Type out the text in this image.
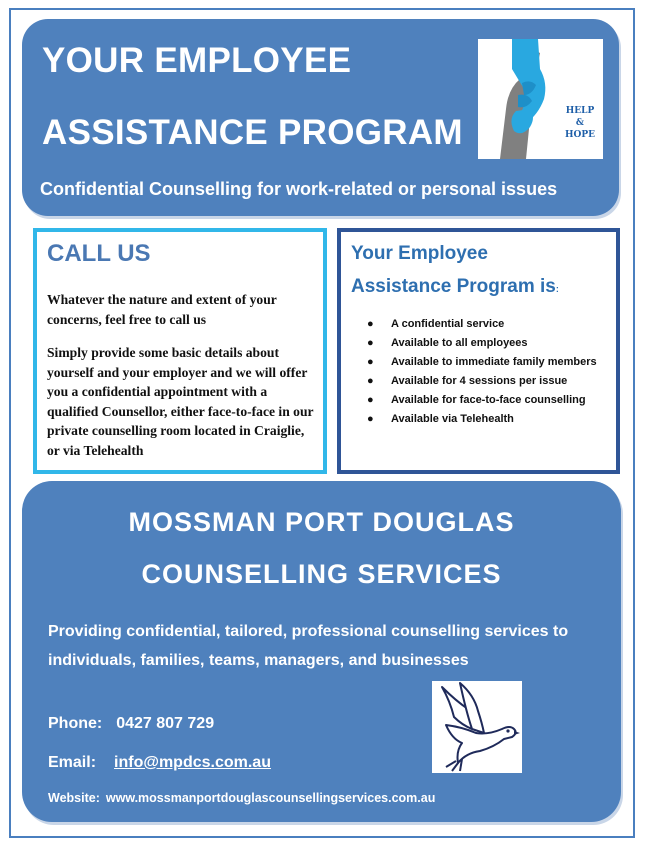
YOUR EMPLOYEE
ASSISTANCE PROGRAM
Confidential Counselling for work-related or personal issues
HELP
&
HOPE
CALL US
Whatever the nature and extent of your concerns, feel free to call us
Simply provide some basic details about yourself and your employer and we will offer you a confidential appointment with a qualified Counsellor, either face-to-face in our private counselling room located in Craiglie, or via Telehealth
Your Employee
Assistance Program is:
● A confidential service
● Available to all employees
● Available to immediate family members
● Available for 4 sessions per issue
● Available for face-to-face counselling
● Available via Telehealth
MOSSMAN PORT DOUGLAS
COUNSELLING SERVICES
Providing confidential, tailored, professional counselling services to individuals, families, teams, managers, and businesses
Phone: 0427 807 729
Email: info@mpdcs.com.au
Website: www.mossmanportdouglascounsellingservices.com.au
